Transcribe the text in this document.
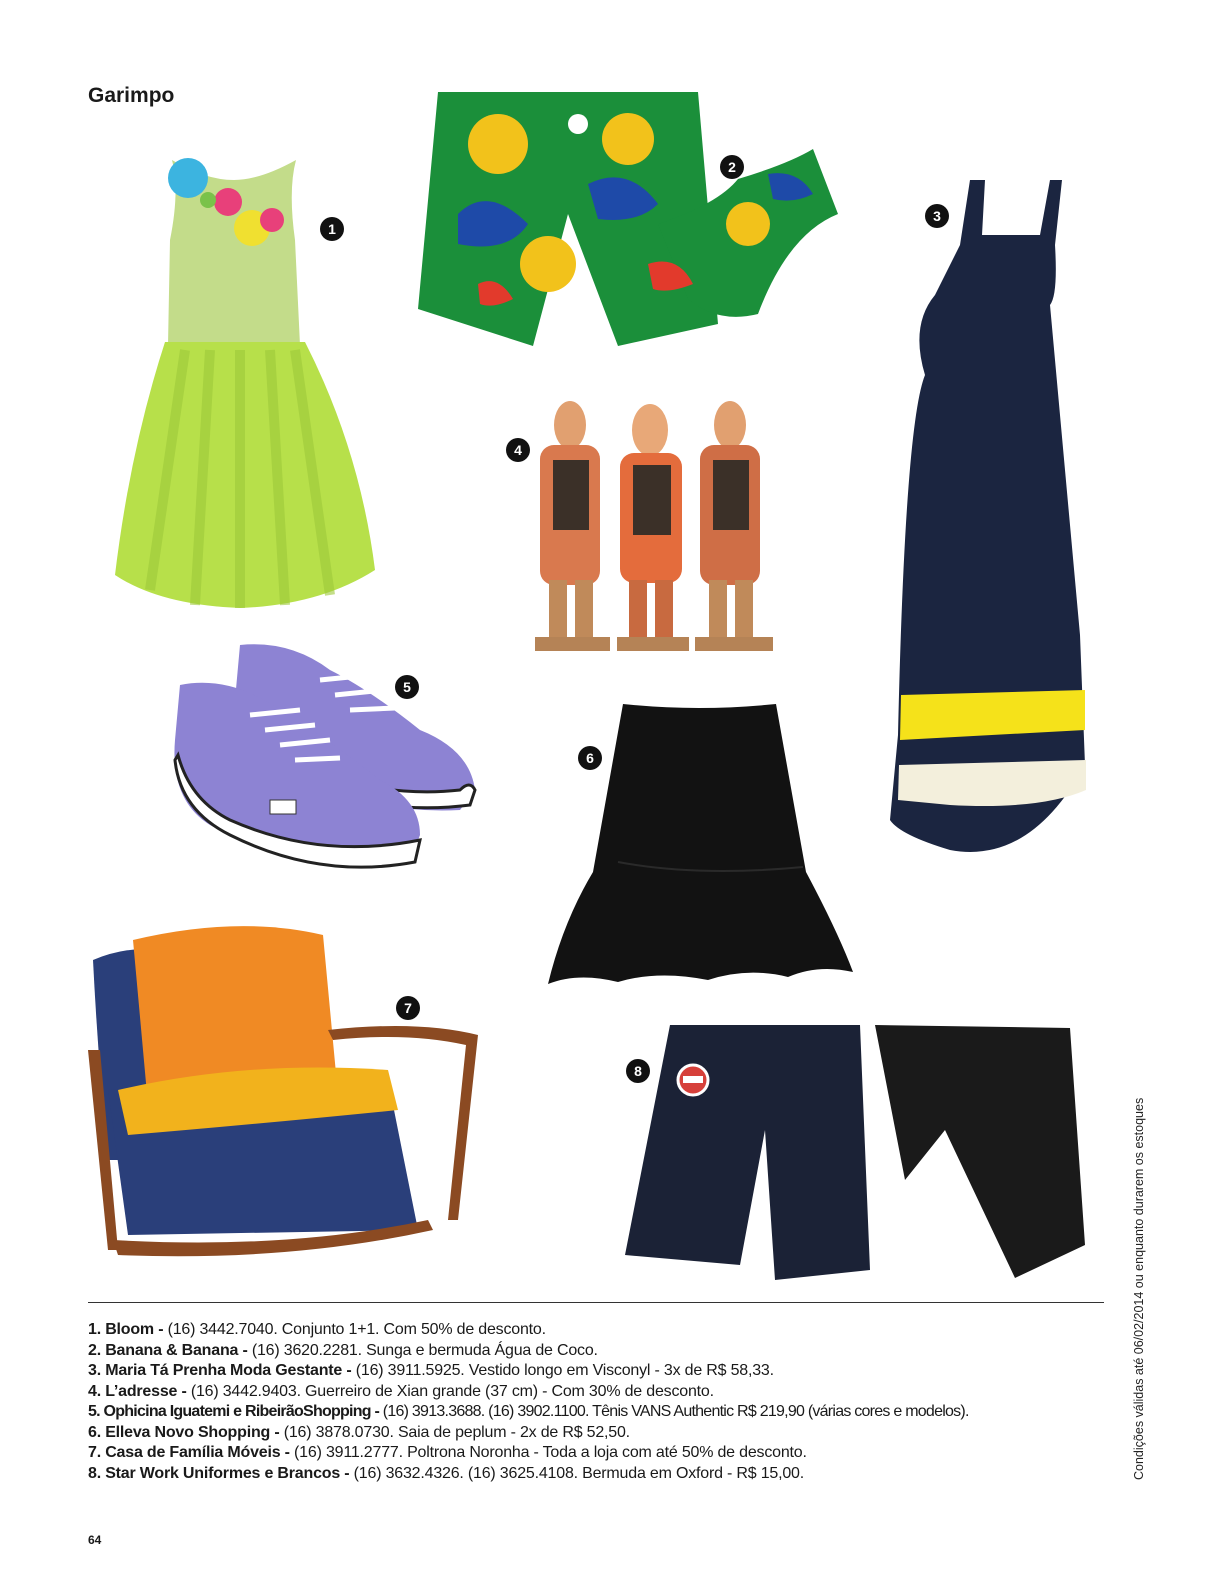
Garimpo
1
2
3
4
5
6
7
8
1. Bloom - (16) 3442.7040. Conjunto 1+1. Com 50% de desconto.
2. Banana & Banana - (16) 3620.2281. Sunga e bermuda Água de Coco.
3. Maria Tá Prenha Moda Gestante - (16) 3911.5925. Vestido longo em Visconyl - 3x de R$ 58,33.
4. L’adresse - (16) 3442.9403. Guerreiro de Xian grande (37 cm) - Com 30% de desconto.
5. Ophicina Iguatemi e RibeirãoShopping - (16) 3913.3688. (16) 3902.1100. Tênis VANS Authentic R$ 219,90 (várias cores e modelos).
6. Elleva Novo Shopping - (16) 3878.0730. Saia de peplum - 2x de R$ 52,50.
7. Casa de Família Móveis - (16) 3911.2777. Poltrona Noronha - Toda a loja com até 50% de desconto.
8. Star Work Uniformes e Brancos - (16) 3632.4326. (16) 3625.4108. Bermuda em Oxford - R$ 15,00.
64
Condições válidas até 06/02/2014 ou enquanto durarem os estoques
